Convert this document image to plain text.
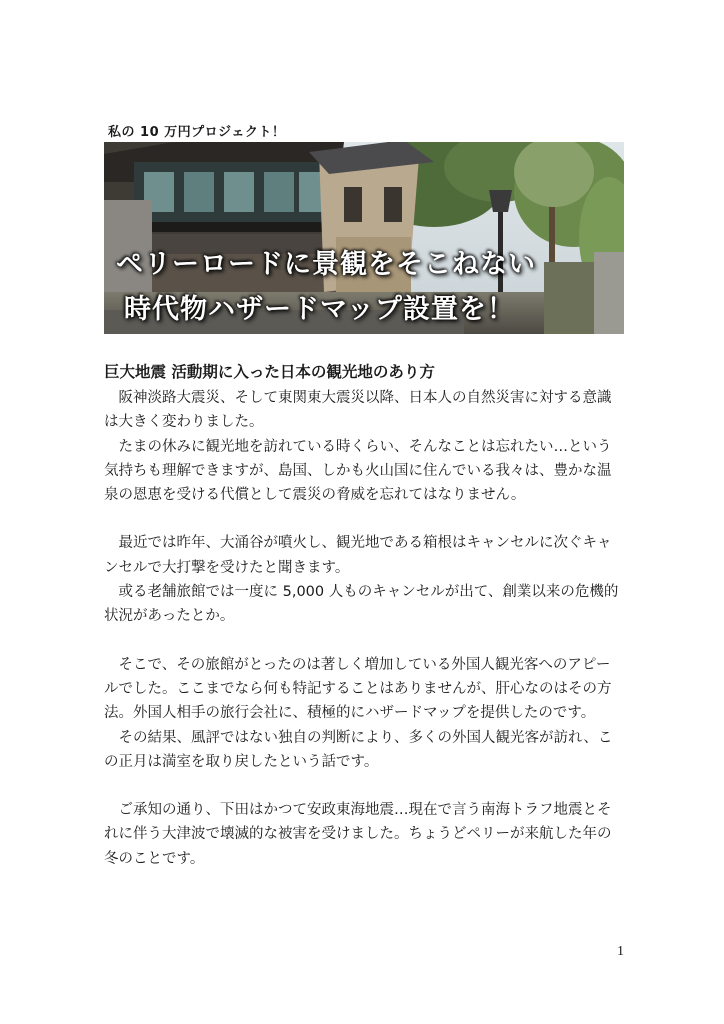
私の 10 万円プロジェクト！
ペリーロードに景観をそこねない
時代物ハザードマップ設置を！
巨大地震 活動期に入った日本の観光地のあり方

阪神淡路大震災、そして東関東大震災以降、日本人の自然災害に対する意識は大きく変わりました。

たまの休みに観光地を訪れている時くらい、そんなことは忘れたい…という気持ちも理解できますが、島国、しかも火山国に住んでいる我々は、豊かな温泉の恩恵を受ける代償として震災の脅威を忘れてはなりません。

最近では昨年、大涌谷が噴火し、観光地である箱根はキャンセルに次ぐキャンセルで大打撃を受けたと聞きます。

或る老舗旅館では一度に 5,000 人ものキャンセルが出て、創業以来の危機的状況があったとか。

そこで、その旅館がとったのは著しく増加している外国人観光客へのアピールでした。ここまでなら何も特記することはありませんが、肝心なのはその方法。外国人相手の旅行会社に、積極的にハザードマップを提供したのです。

その結果、風評ではない独自の判断により、多くの外国人観光客が訪れ、この正月は満室を取り戻したという話です。

ご承知の通り、下田はかつて安政東海地震…現在で言う南海トラフ地震とそれに伴う大津波で壊滅的な被害を受けました。ちょうどペリーが来航した年の冬のことです。

1
